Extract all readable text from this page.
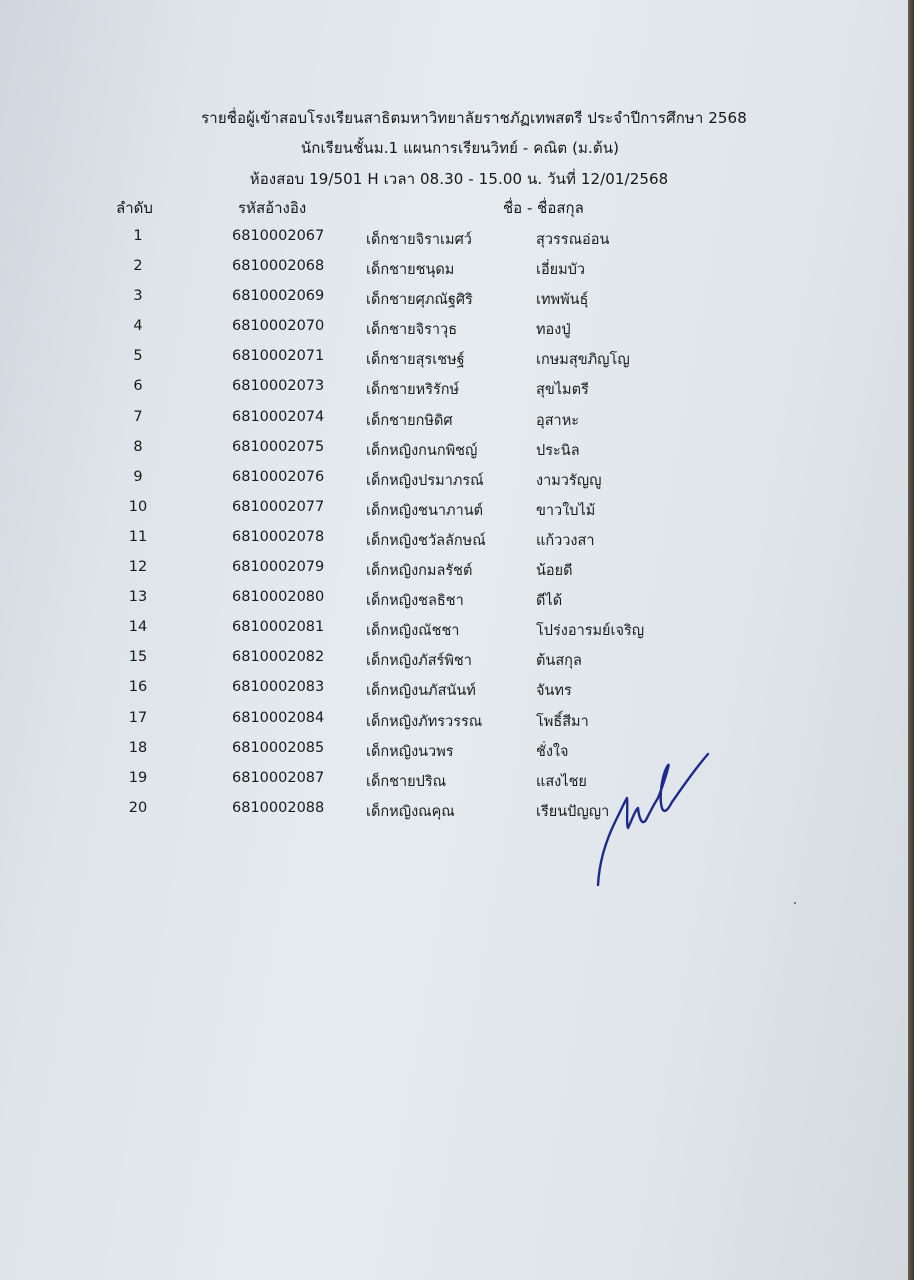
รายชื่อผู้เข้าสอบโรงเรียนสาธิตมหาวิทยาลัยราชภัฏเทพสตรี ประจำปีการศึกษา 2568
นักเรียนชั้นม.1 แผนการเรียนวิทย์ - คณิต (ม.ต้น)
ห้องสอบ 19/501 H เวลา 08.30 - 15.00 น. วันที่ 12/01/2568
ลำดับ	รหัสอ้างอิง	ชื่อ - ชื่อสกุล
1	6810002067	เด็กชายจิราเมศว์	สุวรรณอ่อน
2	6810002068	เด็กชายชนุดม	เอี่ยมบัว
3	6810002069	เด็กชายศุภณัฐศิริ	เทพพันธุ์
4	6810002070	เด็กชายจิราวุธ	ทองปู่
5	6810002071	เด็กชายสุรเชษฐ์	เกษมสุขภิญโญ
6	6810002073	เด็กชายหริรักษ์	สุขไมตรี
7	6810002074	เด็กชายกษิดิศ	อุสาหะ
8	6810002075	เด็กหญิงกนกพิชญ์	ประนิล
9	6810002076	เด็กหญิงปรมาภรณ์	งามวรัญญู
10	6810002077	เด็กหญิงชนาภานต์	ขาวใบไม้
11	6810002078	เด็กหญิงชวัลลักษณ์	แก้ววงสา
12	6810002079	เด็กหญิงกมลรัชต์	น้อยดี
13	6810002080	เด็กหญิงชลธิชา	ดีได้
14	6810002081	เด็กหญิงณัชชา	โปร่งอารมย์เจริญ
15	6810002082	เด็กหญิงภัสร์พิชา	ต้นสกุล
16	6810002083	เด็กหญิงนภัสนันท์	จันทร
17	6810002084	เด็กหญิงภัทรวรรณ	โพธิ์สีมา
18	6810002085	เด็กหญิงนวพร	ชั่งใจ
19	6810002087	เด็กชายปริณ	แสงไชย
20	6810002088	เด็กหญิงณคุณ	เรียนปัญญา
